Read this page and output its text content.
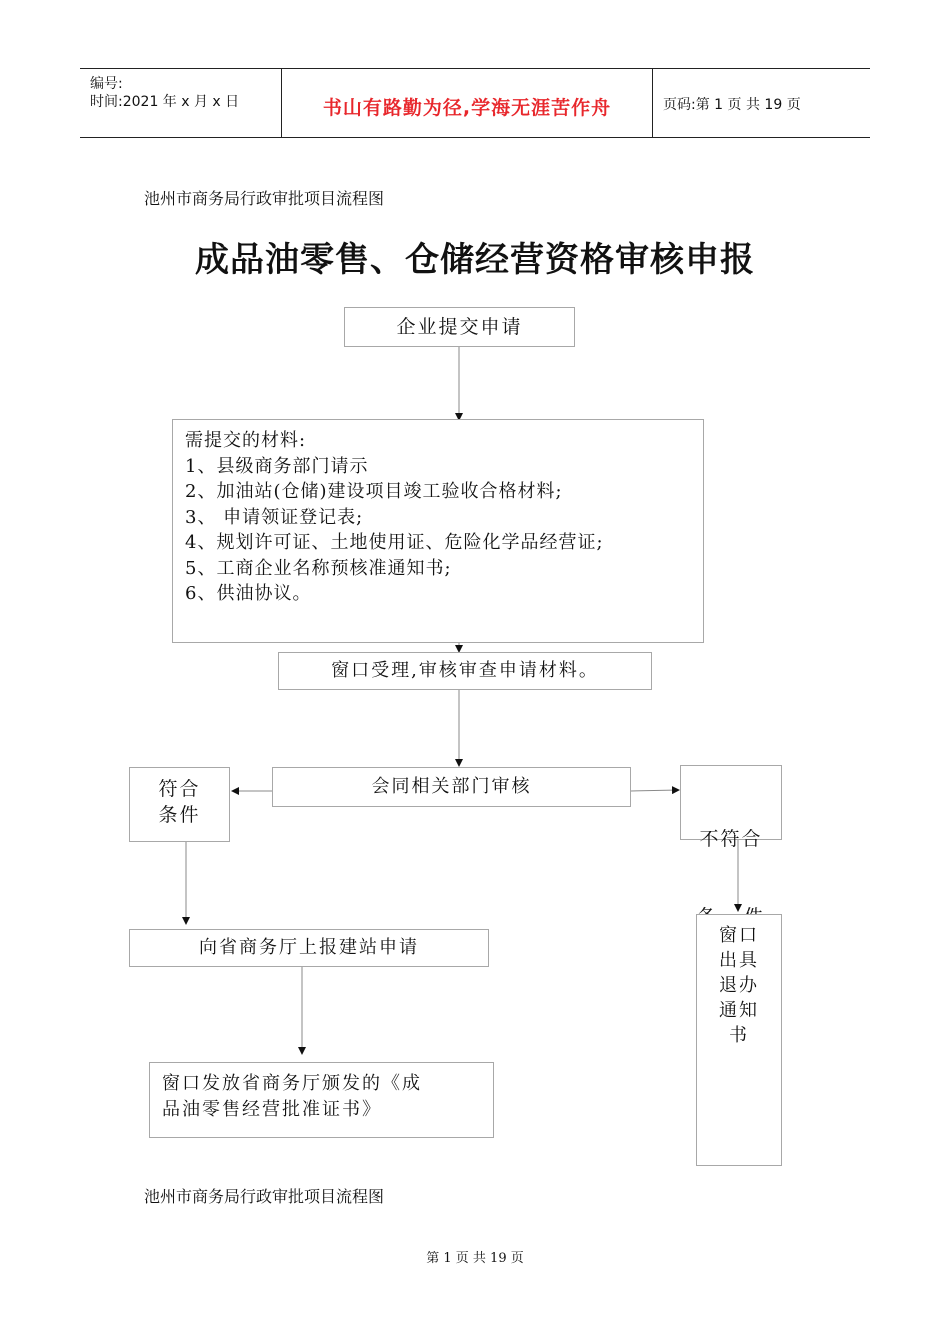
编号:
时间:2021 年 x 月 x 日	书山有路勤为径,学海无涯苦作舟	页码:第 1 页 共 19 页
池州市商务局行政审批项目流程图
成品油零售、仓储经营资格审核申报
企业提交申请
需提交的材料:
1、县级商务部门请示
2、加油站(仓储)建设项目竣工验收合格材料;
3、 申请领证登记表;
4、规划许可证、土地使用证、危险化学品经营证;
5、工商企业名称预核准通知书;
6、供油协议。
窗口受理,审核审查申请材料。
会同相关部门审核
符合
条件

不符合

向省商务厅上报建站申请
窗口发放省商务厅颁发的《成
品油零售经营批准证书》
窗口
出具
退办
通知
书
池州市商务局行政审批项目流程图
第 1 页 共 19 页
